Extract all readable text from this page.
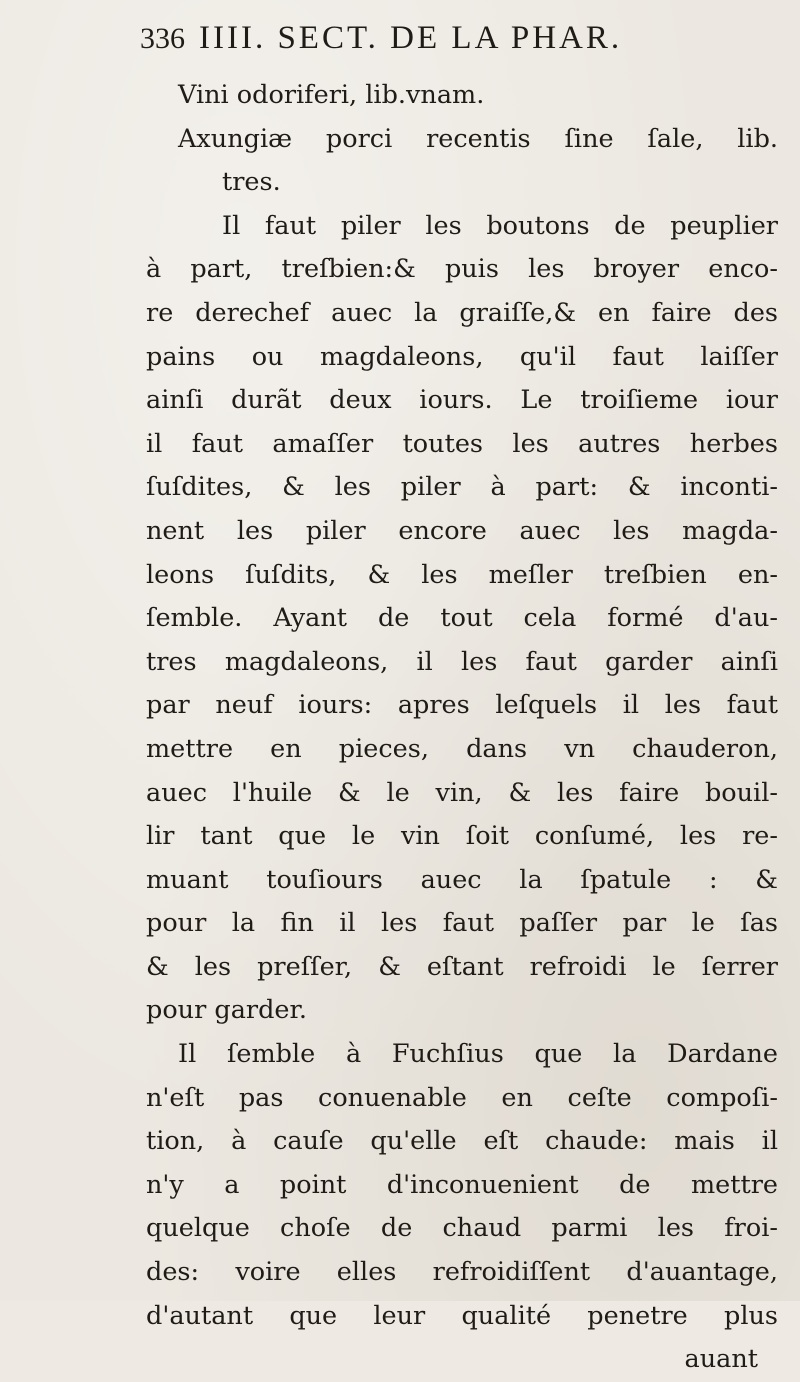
336 IIII. SECT. DE LA PHAR.
Vini odoriferi, lib.vnam.
Axungiæ porci recentis ſine ſale, lib.
tres.
Il faut piler les boutons de peuplier
à part, treſbien:& puis les broyer enco-
re derechef auec la graiſſe,& en faire des
pains ou magdaleons, qu'il faut laiſſer
ainſi durãt deux iours. Le troiſieme iour
il faut amaſſer toutes les autres herbes
ſuſdites, & les piler à part: & inconti-
nent les piler encore auec les magda-
leons ſuſdits, & les meſler treſbien en-
ſemble. Ayant de tout cela formé d'au-
tres magdaleons, il les faut garder ainſi
par neuf iours: apres leſquels il les faut
mettre en pieces, dans vn chauderon,
auec l'huile & le vin, & les faire bouil-
lir tant que le vin ſoit conſumé, les re-
muant touſiours auec la ſpatule : &
pour la fin il les faut paſſer par le ſas
& les preſſer, & eſtant refroidi le ſerrer
pour garder.
Il ſemble à Fuchſius que la Dardane
n'eſt pas conuenable en ceſte compoſi-
tion, à cauſe qu'elle eſt chaude: mais il
n'y a point d'inconuenient de mettre
quelque choſe de chaud parmi les froi-
des: voire elles refroidiſſent d'auantage,
d'autant que leur qualité penetre plus
auant
